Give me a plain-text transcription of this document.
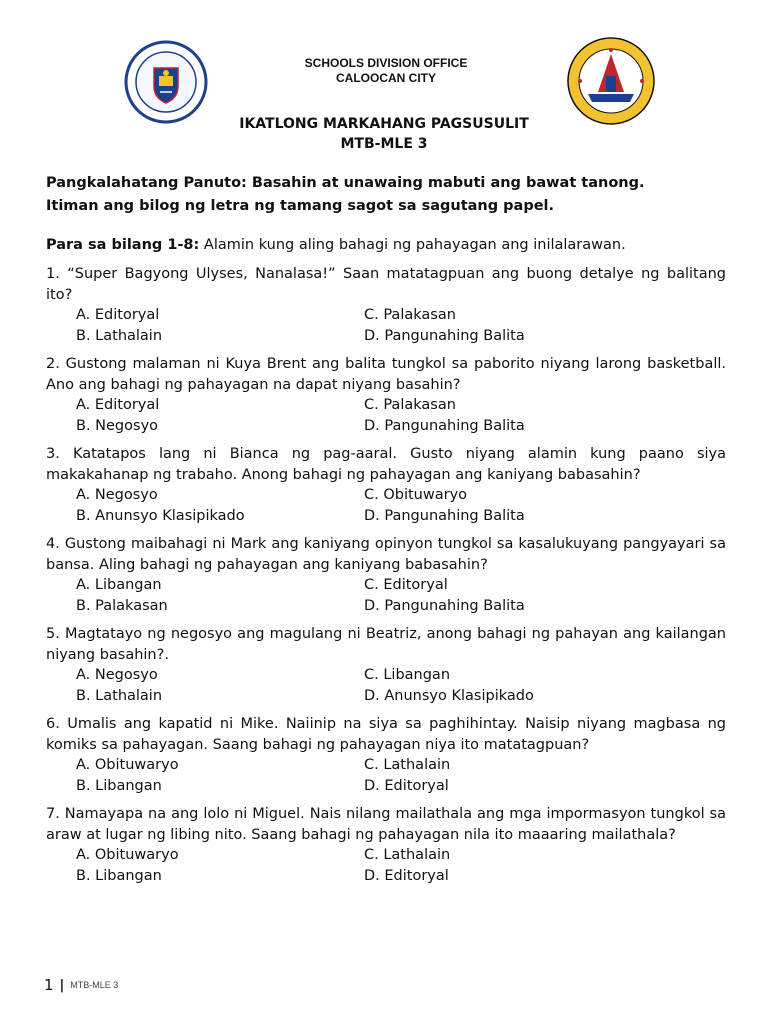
SCHOOLS DIVISION OFFICE
CALOOCAN CITY
IKATLONG MARKAHANG PAGSUSULIT
MTB-MLE 3
Pangkalahatang Panuto: Basahin at unawaing mabuti ang bawat tanong.
Itiman ang bilog ng letra ng tamang sagot sa sagutang papel.
Para sa bilang 1-8: Alamin kung aling bahagi ng pahayagan ang inilalarawan.

1. “Super Bagyong Ulyses, Nanalasa!” Saan matatagpuan ang buong detalye ng balitang ito?

A. Editoryal	C. Palakasan
B. Lathalain	D. Pangunahing Balita

2. Gustong malaman ni Kuya Brent ang balita tungkol sa paborito niyang larong basketball. Ano ang bahagi ng pahayagan na dapat niyang basahin?

A. Editoryal	C. Palakasan
B. Negosyo	D. Pangunahing Balita

3. Katatapos lang ni Bianca ng pag-aaral. Gusto niyang alamin kung paano siya makakahanap ng trabaho. Anong bahagi ng pahayagan ang kaniyang babasahin?

A. Negosyo	C. Obituwaryo
B. Anunsyo Klasipikado	D. Pangunahing Balita

4. Gustong maibahagi ni Mark ang kaniyang opinyon tungkol sa kasalukuyang pangyayari sa bansa. Aling bahagi ng pahayagan ang kaniyang babasahin?

A. Libangan	C. Editoryal
B. Palakasan	D. Pangunahing Balita

5. Magtatayo ng negosyo ang magulang ni Beatriz, anong bahagi ng pahayan ang kailangan niyang basahin?.

A. Negosyo	C. Libangan
B. Lathalain	D. Anunsyo Klasipikado

6. Umalis ang kapatid ni Mike. Naiinip na siya sa paghihintay. Naisip niyang magbasa ng komiks sa pahayagan. Saang bahagi ng pahayagan niya ito matatagpuan?

A. Obituwaryo	C. Lathalain
B. Libangan	D. Editoryal

7. Namayapa na ang lolo ni Miguel. Nais nilang mailathala ang mga impormasyon tungkol sa araw at lugar ng libing nito. Saang bahagi ng pahayagan nila ito maaaring mailathala?

A. Obituwaryo	C. Lathalain
B. Libangan	D. Editoryal
1 | MTB-MLE 3
